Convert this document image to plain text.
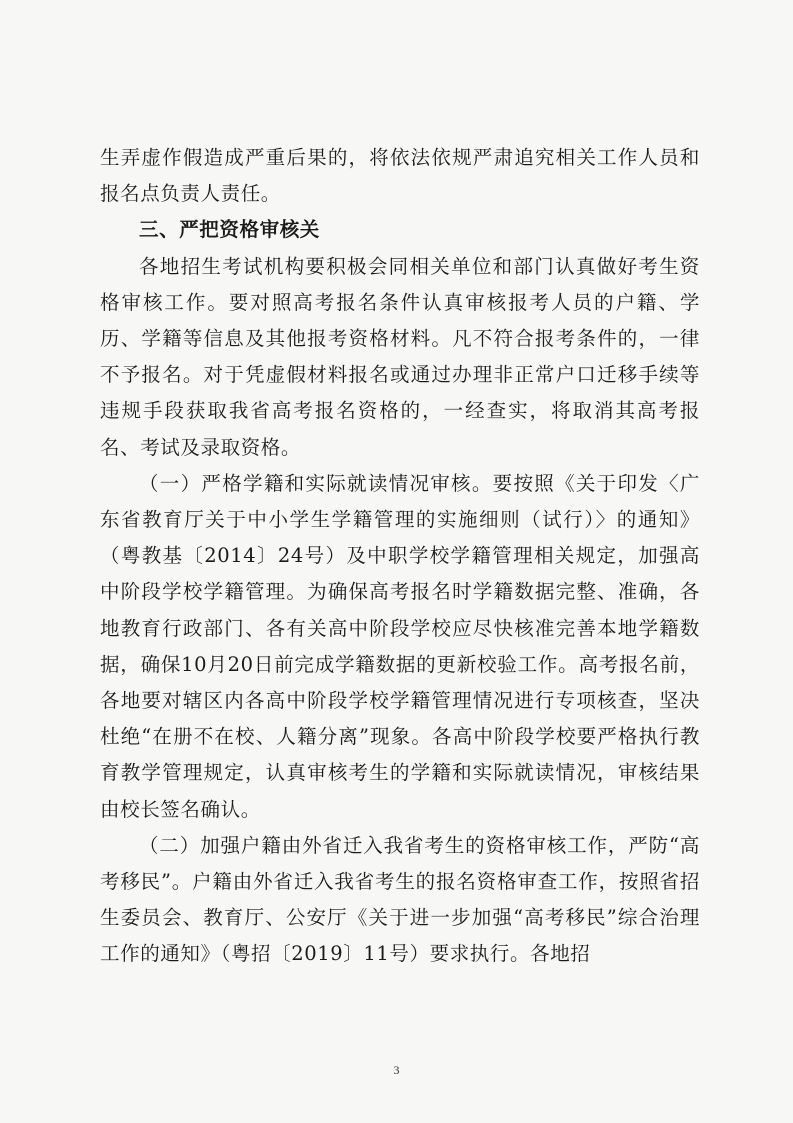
生弄虚作假造成严重后果的，将依法依规严肃追究相关工作人员和报名点负责人责任。

三、严把资格审核关

各地招生考试机构要积极会同相关单位和部门认真做好考生资格审核工作。要对照高考报名条件认真审核报考人员的户籍、学历、学籍等信息及其他报考资格材料。凡不符合报考条件的，一律不予报名。对于凭虚假材料报名或通过办理非正常户口迁移手续等违规手段获取我省高考报名资格的，一经查实，将取消其高考报名、考试及录取资格。

（一）严格学籍和实际就读情况审核。要按照《关于印发〈广东省教育厅关于中小学生学籍管理的实施细则（试行）〉的通知》（粤教基〔2014〕24号）及中职学校学籍管理相关规定，加强高中阶段学校学籍管理。为确保高考报名时学籍数据完整、准确，各地教育行政部门、各有关高中阶段学校应尽快核准完善本地学籍数据，确保10月20日前完成学籍数据的更新校验工作。高考报名前，各地要对辖区内各高中阶段学校学籍管理情况进行专项核查，坚决杜绝“在册不在校、人籍分离”现象。各高中阶段学校要严格执行教育教学管理规定，认真审核考生的学籍和实际就读情况，审核结果由校长签名确认。

（二）加强户籍由外省迁入我省考生的资格审核工作，严防“高考移民”。户籍由外省迁入我省考生的报名资格审查工作，按照省招生委员会、教育厅、公安厅《关于进一步加强“高考移民”综合治理工作的通知》（粤招〔2019〕11号）要求执行。各地招

3
